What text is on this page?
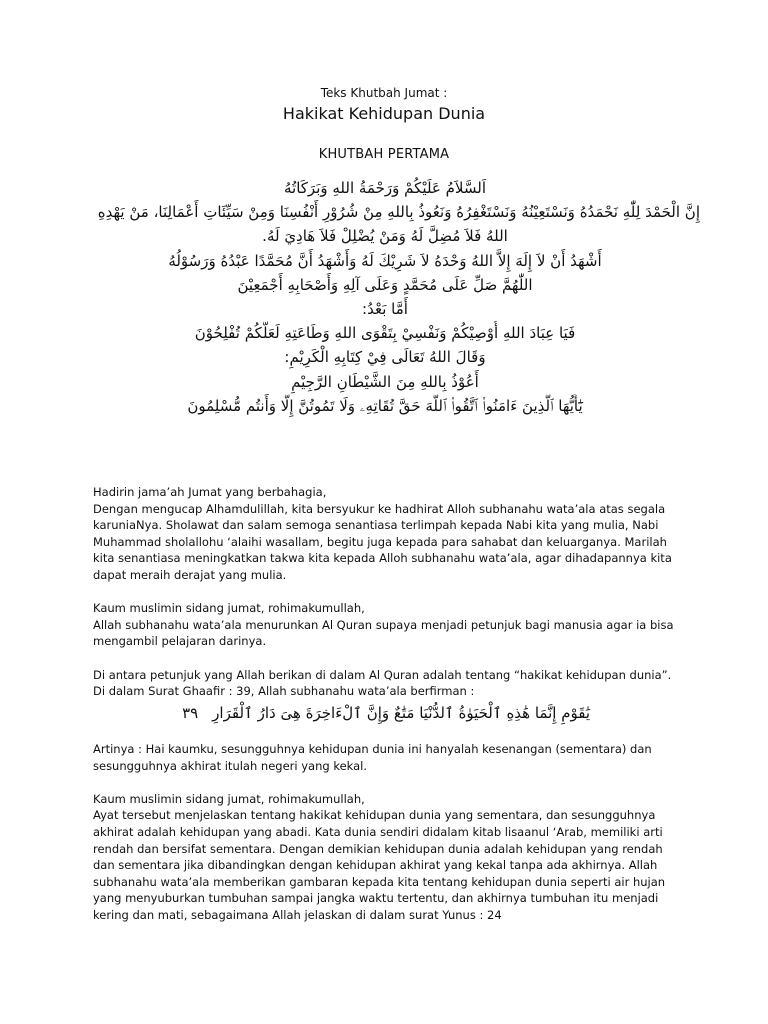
Teks Khutbah Jumat :
Hakikat Kehidupan Dunia
KHUTBAH PERTAMA
اَلسَّلاَمُ عَلَيْكُمْ وَرَحْمَةُ اللهِ وَبَرَكَاتُهُ
إِنَّ الْحَمْدَ لِلّٰهِ نَحْمَدُهُ وَنَسْتَعِيْنُهُ وَنَسْتَغْفِرُهُ وَنَعُوذُ بِاللهِ مِنْ شُرُوْرِ أَنْفُسِنَا وَمِنْ سَيِّئَاتِ أَعْمَالِنَا، مَنْ يَهْدِهِ
اللهُ فَلاَ مُضِلَّ لَهُ وَمَنْ يُضْلِلْ فَلاَ هَادِيَ لَهُ.
أَشْهَدُ أَنْ لاَ إِلَهَ إِلاَّ اللهُ وَحْدَهُ لاَ شَرِيْكَ لَهُ وَأَشْهَدُ أَنَّ مُحَمَّدًا عَبْدُهُ وَرَسُوْلُهُ
اللّٰهُمَّ صَلِّ عَلَى مُحَمَّدٍ وَعَلَى آلِهِ وَأَصْحَابِهِ أَجْمَعِيْنَ
أَمَّا بَعْدُ:
فَيَا عِبَادَ اللهِ أُوْصِيْكُمْ وَنَفْسِيْ بِتَقْوَى اللهِ وَطَاعَتِهِ لَعَلَّكُمْ تُفْلِحُوْنَ
وَقَالَ اللهُ تَعَالَى فِيْ كِتَابِهِ الْكَرِيْمِ:
أَعُوْذُ بِاللهِ مِنَ الشَّيْطَانِ الرَّجِيْمِ
يَٰٓأَيُّهَا ٱلَّذِينَ ءَامَنُوا۟ ٱتَّقُوا۟ ٱللَّهَ حَقَّ تُقَاتِهِۦ وَلَا تَمُوتُنَّ إِلَّا وَأَنتُم مُّسْلِمُونَ
Hadirin jama’ah Jumat yang berbahagia,
Dengan mengucap Alhamdulillah, kita bersyukur ke hadhirat Alloh subhanahu wata’ala atas segala
karuniaNya. Sholawat dan salam semoga senantiasa terlimpah kepada Nabi kita yang mulia, Nabi
Muhammad sholallohu ‘alaihi wasallam, begitu juga kepada para sahabat dan keluarganya. Marilah
kita senantiasa meningkatkan takwa kita kepada Alloh subhanahu wata’ala, agar dihadapannya kita
dapat meraih derajat yang mulia.
Kaum muslimin sidang jumat, rohimakumullah,
Allah subhanahu wata’ala menurunkan Al Quran supaya menjadi petunjuk bagi manusia agar ia bisa
mengambil pelajaran darinya.
Di antara petunjuk yang Allah berikan di dalam Al Quran adalah tentang “hakikat kehidupan dunia”.
Di dalam Surat Ghaafir : 39, Allah subhanahu wata’ala berfirman :
يَٰقَوْمِ إِنَّمَا هَٰذِهِ ٱلْحَيَوٰةُ ٱلدُّنْيَا مَتَٰعٌ وَإِنَّ ٱلْءَاخِرَةَ هِىَ دَارُ ٱلْقَرَارِ٣٩
Artinya : Hai kaumku, sesungguhnya kehidupan dunia ini hanyalah kesenangan (sementara) dan
sesungguhnya akhirat itulah negeri yang kekal.
Kaum muslimin sidang jumat, rohimakumullah,
Ayat tersebut menjelaskan tentang hakikat kehidupan dunia yang sementara, dan sesungguhnya
akhirat adalah kehidupan yang abadi. Kata dunia sendiri didalam kitab lisaanul ‘Arab, memiliki arti
rendah dan bersifat sementara. Dengan demikian kehidupan dunia adalah kehidupan yang rendah
dan sementara jika dibandingkan dengan kehidupan akhirat yang kekal tanpa ada akhirnya. Allah
subhanahu wata’ala memberikan gambaran kepada kita tentang kehidupan dunia seperti air hujan
yang menyuburkan tumbuhan sampai jangka waktu tertentu, dan akhirnya tumbuhan itu menjadi
kering dan mati, sebagaimana Allah jelaskan di dalam surat Yunus : 24
